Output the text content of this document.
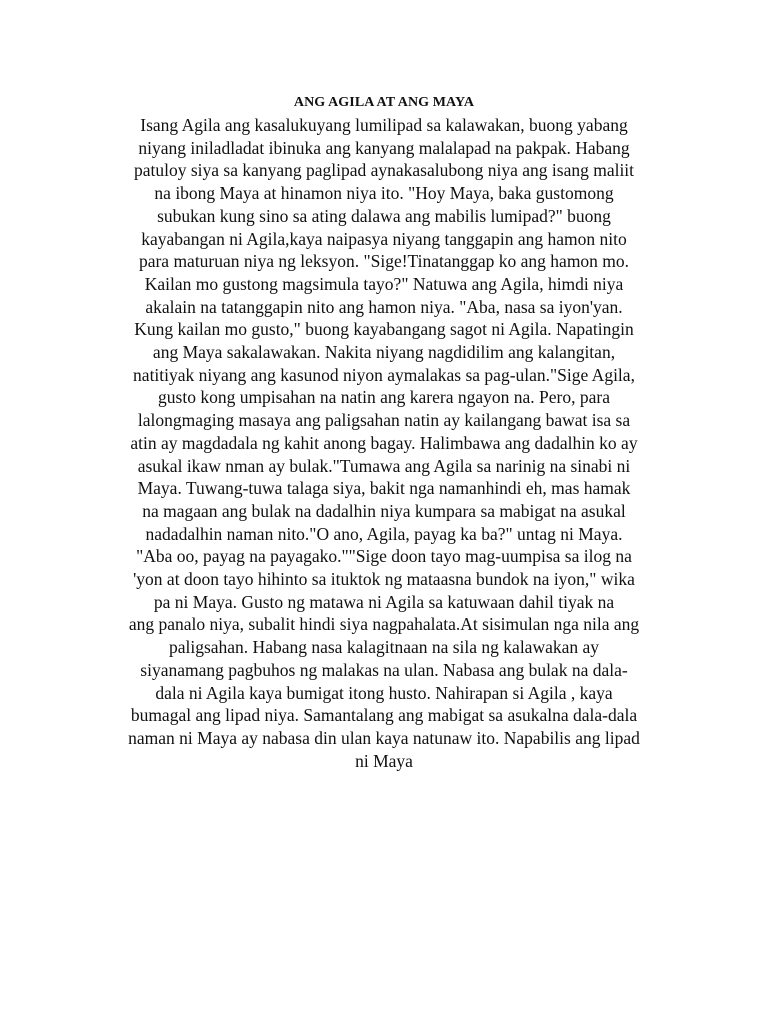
ANG AGILA AT ANG MAYA
Isang Agila ang kasalukuyang lumilipad sa kalawakan, buong yabang
niyang iniladladat ibinuka ang kanyang malalapad na pakpak. Habang
patuloy siya sa kanyang paglipad aynakasalubong niya ang isang maliit
na ibong Maya at hinamon niya ito. "Hoy Maya, baka gustomong
subukan kung sino sa ating dalawa ang mabilis lumipad?" buong
kayabangan ni Agila,kaya naipasya niyang tanggapin ang hamon nito
para maturuan niya ng leksyon. "Sige!Tinatanggap ko ang hamon mo.
Kailan mo gustong magsimula tayo?" Natuwa ang Agila, himdi niya
akalain na tatanggapin nito ang hamon niya. "Aba, nasa sa iyon'yan.
Kung kailan mo gusto," buong kayabangang sagot ni Agila. Napatingin
ang Maya sakalawakan. Nakita niyang nagdidilim ang kalangitan,
natitiyak niyang ang kasunod niyon aymalakas sa pag-ulan."Sige Agila,
gusto kong umpisahan na natin ang karera ngayon na. Pero, para
lalongmaging masaya ang paligsahan natin ay kailangang bawat isa sa
atin ay magdadala ng kahit anong bagay. Halimbawa ang dadalhin ko ay
asukal ikaw nman ay bulak."Tumawa ang Agila sa narinig na sinabi ni
Maya. Tuwang-tuwa talaga siya, bakit nga namanhindi eh, mas hamak
na magaan ang bulak na dadalhin niya kumpara sa mabigat na asukal
nadadalhin naman nito."O ano, Agila, payag ka ba?" untag ni Maya.
"Aba oo, payag na payagako.""Sige doon tayo mag-uumpisa sa ilog na
'yon at doon tayo hihinto sa ituktok ng mataasna bundok na iyon," wika
pa ni Maya. Gusto ng matawa ni Agila sa katuwaan dahil tiyak na
ang panalo niya, subalit hindi siya nagpahalata.At sisimulan nga nila ang
paligsahan. Habang nasa kalagitnaan na sila ng kalawakan ay
siyanamang pagbuhos ng malakas na ulan. Nabasa ang bulak na dala-
dala ni Agila kaya bumigat itong husto. Nahirapan si Agila , kaya
bumagal ang lipad niya. Samantalang ang mabigat sa asukalna dala-dala
naman ni Maya ay nabasa din ulan kaya natunaw ito. Napabilis ang lipad
ni Maya
